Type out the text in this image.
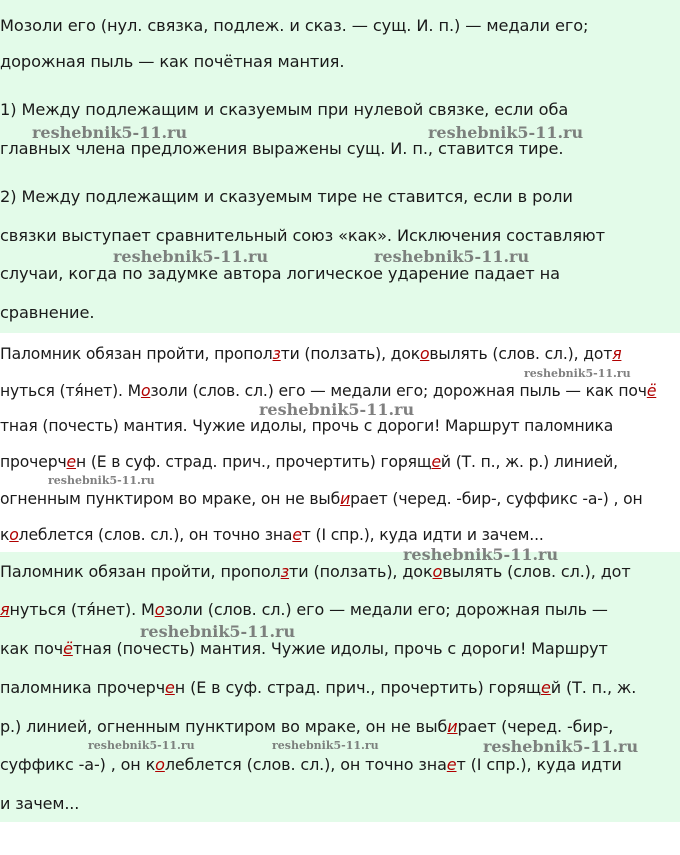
Мозоли его (нул. связка, подлеж. и сказ. — сущ. И. п.) — медали его;
дорожная пыль — как почётная мантия.
1) Между подлежащим и сказуемым при нулевой связке, если оба
главных члена предложения выражены сущ. И. п., ставится тире.
2) Между подлежащим и сказуемым тире не ставится, если в роли
связки выступает сравнительный союз «как». Исключения составляют
случаи, когда по задумке автора логическое ударение падает на
сравнение.
reshebnik5-11.ru	reshebnik5-11.ru
reshebnik5-11.ru	reshebnik5-11.ru
Паломник обязан пройти, проползти (ползать), доковылять (слов. сл.), дотя
нуться (тя́нет). Мозоли (слов. сл.) его — медали его; дорожная пыль — как почё
тная (почесть) мантия. Чужие идолы, прочь с дороги! Маршрут паломника
прочерчен (Е в суф. страд. прич., прочертить) горящей (Т. п., ж. р.) линией,
огненным пунктиром во мраке, он не выбирает (черед. -бир-, суффикс -а-) , он
колеблется (слов. сл.), он точно знает (I спр.), куда идти и зачем...
reshebnik5-11.ru
reshebnik5-11.ru
reshebnik5-11.ru
Паломник обязан пройти, проползти (ползать), доковылять (слов. сл.), дот
януться (тя́нет). Мозоли (слов. сл.) его — медали его; дорожная пыль —
как почётная (почесть) мантия. Чужие идолы, прочь с дороги! Маршрут
паломника прочерчен (Е в суф. страд. прич., прочертить) горящей (Т. п., ж.
р.) линией, огненным пунктиром во мраке, он не выбирает (черед. -бир-,
суффикс -а-) , он колеблется (слов. сл.), он точно знает (I спр.), куда идти
и зачем...
reshebnik5-11.ru
reshebnik5-11.ru
reshebnik5-11.ru	reshebnik5-11.ru	reshebnik5-11.ru
